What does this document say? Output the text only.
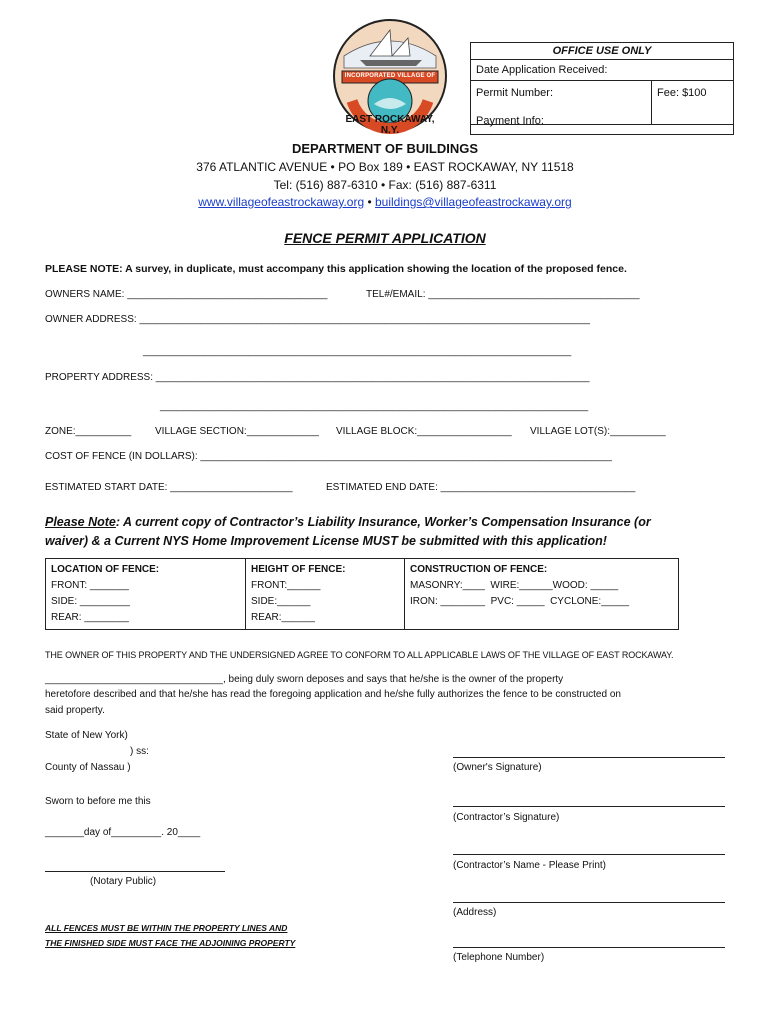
INCORPORATED VILLAGE OF
EAST ROCKAWAY, N.Y.
OFFICE USE ONLY
Date Application Received:
Permit Number:	Fee: $100
Payment Info:
DEPARTMENT OF BUILDINGS
376 ATLANTIC AVENUE • PO Box 189 • EAST ROCKAWAY, NY 11518
Tel: (516) 887-6310 • Fax: (516) 887-6311
www.villageofeastrockaway.org • buildings@villageofeastrockaway.org
FENCE PERMIT APPLICATION
PLEASE NOTE: A survey, in duplicate, must accompany this application showing the location of the proposed fence.
OWNERS NAME: ____________________________________	TEL#/EMAIL: ______________________________________
OWNER ADDRESS: _________________________________________________________________________________
_____________________________________________________________________________
PROPERTY ADDRESS: ______________________________________________________________________________
_____________________________________________________________________________
ZONE:__________ VILLAGE SECTION:_____________ VILLAGE BLOCK:_________________ VILLAGE LOT(S):__________
COST OF FENCE (IN DOLLARS): __________________________________________________________________________
ESTIMATED START DATE: ______________________	ESTIMATED END DATE: ___________________________________
Please Note: A current copy of Contractor’s Liability Insurance, Worker’s Compensation Insurance (or waiver) & a Current NYS Home Improvement License MUST be submitted with this application!
LOCATION OF FENCE:
FRONT: _______
SIDE: _________
REAR: ________
HEIGHT OF FENCE:
FRONT:______
SIDE:______
REAR:______
CONSTRUCTION OF FENCE:
MASONRY:____  WIRE:______WOOD: _____
IRON: ________  PVC: _____  CYCLONE:_____
THE OWNER OF THIS PROPERTY AND THE UNDERSIGNED AGREE TO CONFORM TO ALL APPLICABLE LAWS OF THE VILLAGE OF EAST ROCKAWAY.
________________________________, being duly sworn deposes and says that he/she is the owner of the property
heretofore described and that he/she has read the foregoing application and he/she fully authorizes the fence to be constructed on
said property.
State of New York)
) ss:
County of Nassau )
Sworn to before me this
_______day of_________. 20____
(Notary Public)
(Owner's Signature)
(Contractor’s Signature)
(Contractor’s Name - Please Print)
(Address)
(Telephone Number)
ALL FENCES MUST BE WITHIN THE PROPERTY LINES AND
THE FINISHED SIDE MUST FACE THE ADJOINING PROPERTY
